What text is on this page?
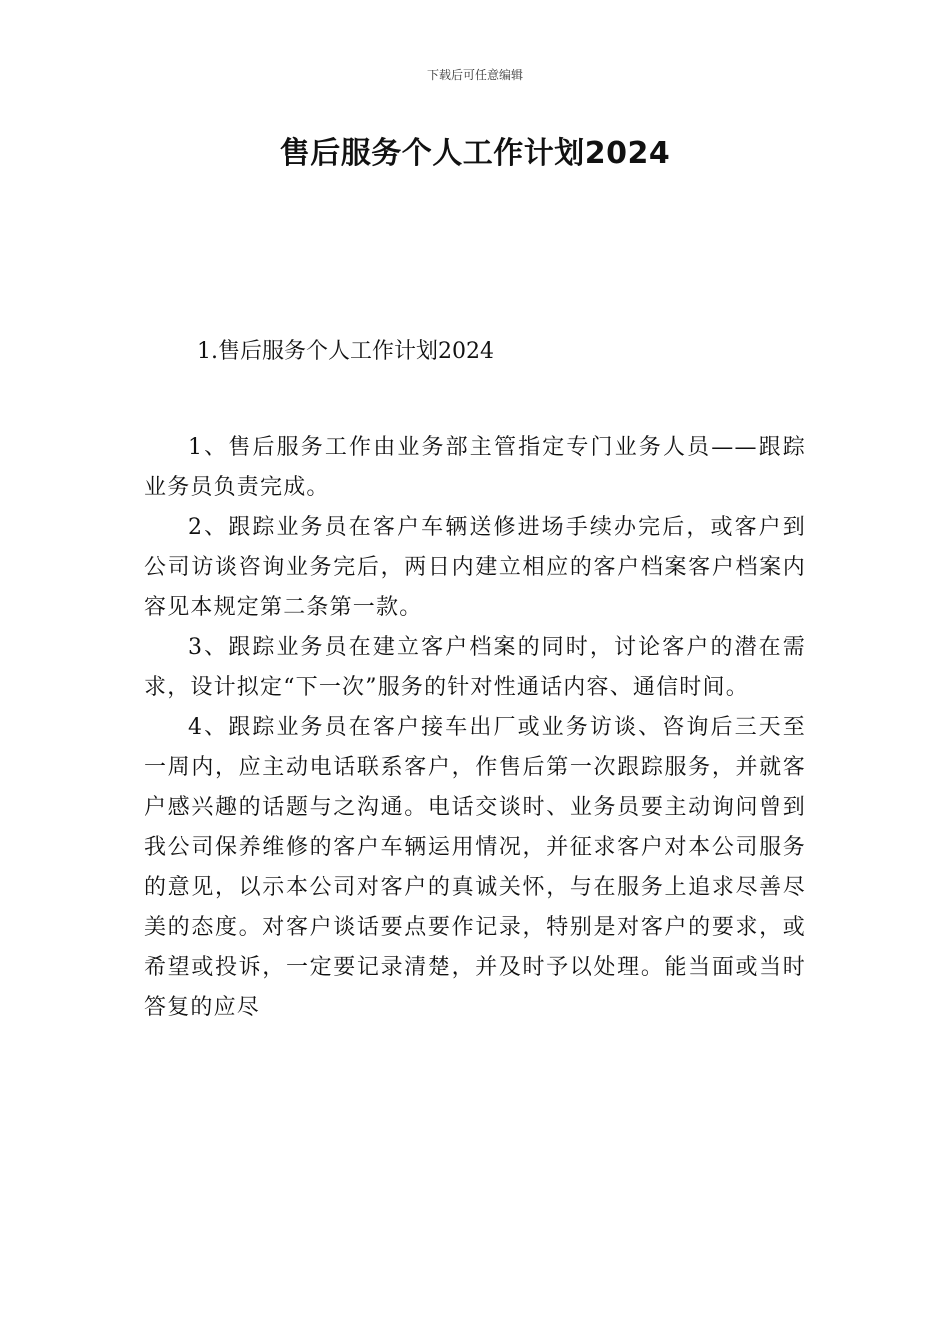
下载后可任意编辑
售后服务个人工作计划2024
1.售后服务个人工作计划2024

1、售后服务工作由业务部主管指定专门业务人员——跟踪业务员负责完成。

2、跟踪业务员在客户车辆送修进场手续办完后，或客户到公司访谈咨询业务完后，两日内建立相应的客户档案客户档案内容见本规定第二条第一款。

3、跟踪业务员在建立客户档案的同时，讨论客户的潜在需求，设计拟定“下一次”服务的针对性通话内容、通信时间。

4、跟踪业务员在客户接车出厂或业务访谈、咨询后三天至一周内，应主动电话联系客户，作售后第一次跟踪服务，并就客户感兴趣的话题与之沟通。电话交谈时、业务员要主动询问曾到我公司保养维修的客户车辆运用情况，并征求客户对本公司服务的意见，以示本公司对客户的真诚关怀，与在服务上追求尽善尽美的态度。对客户谈话要点要作记录，特别是对客户的要求，或希望或投诉，一定要记录清楚，并及时予以处理。能当面或当时答复的应尽
